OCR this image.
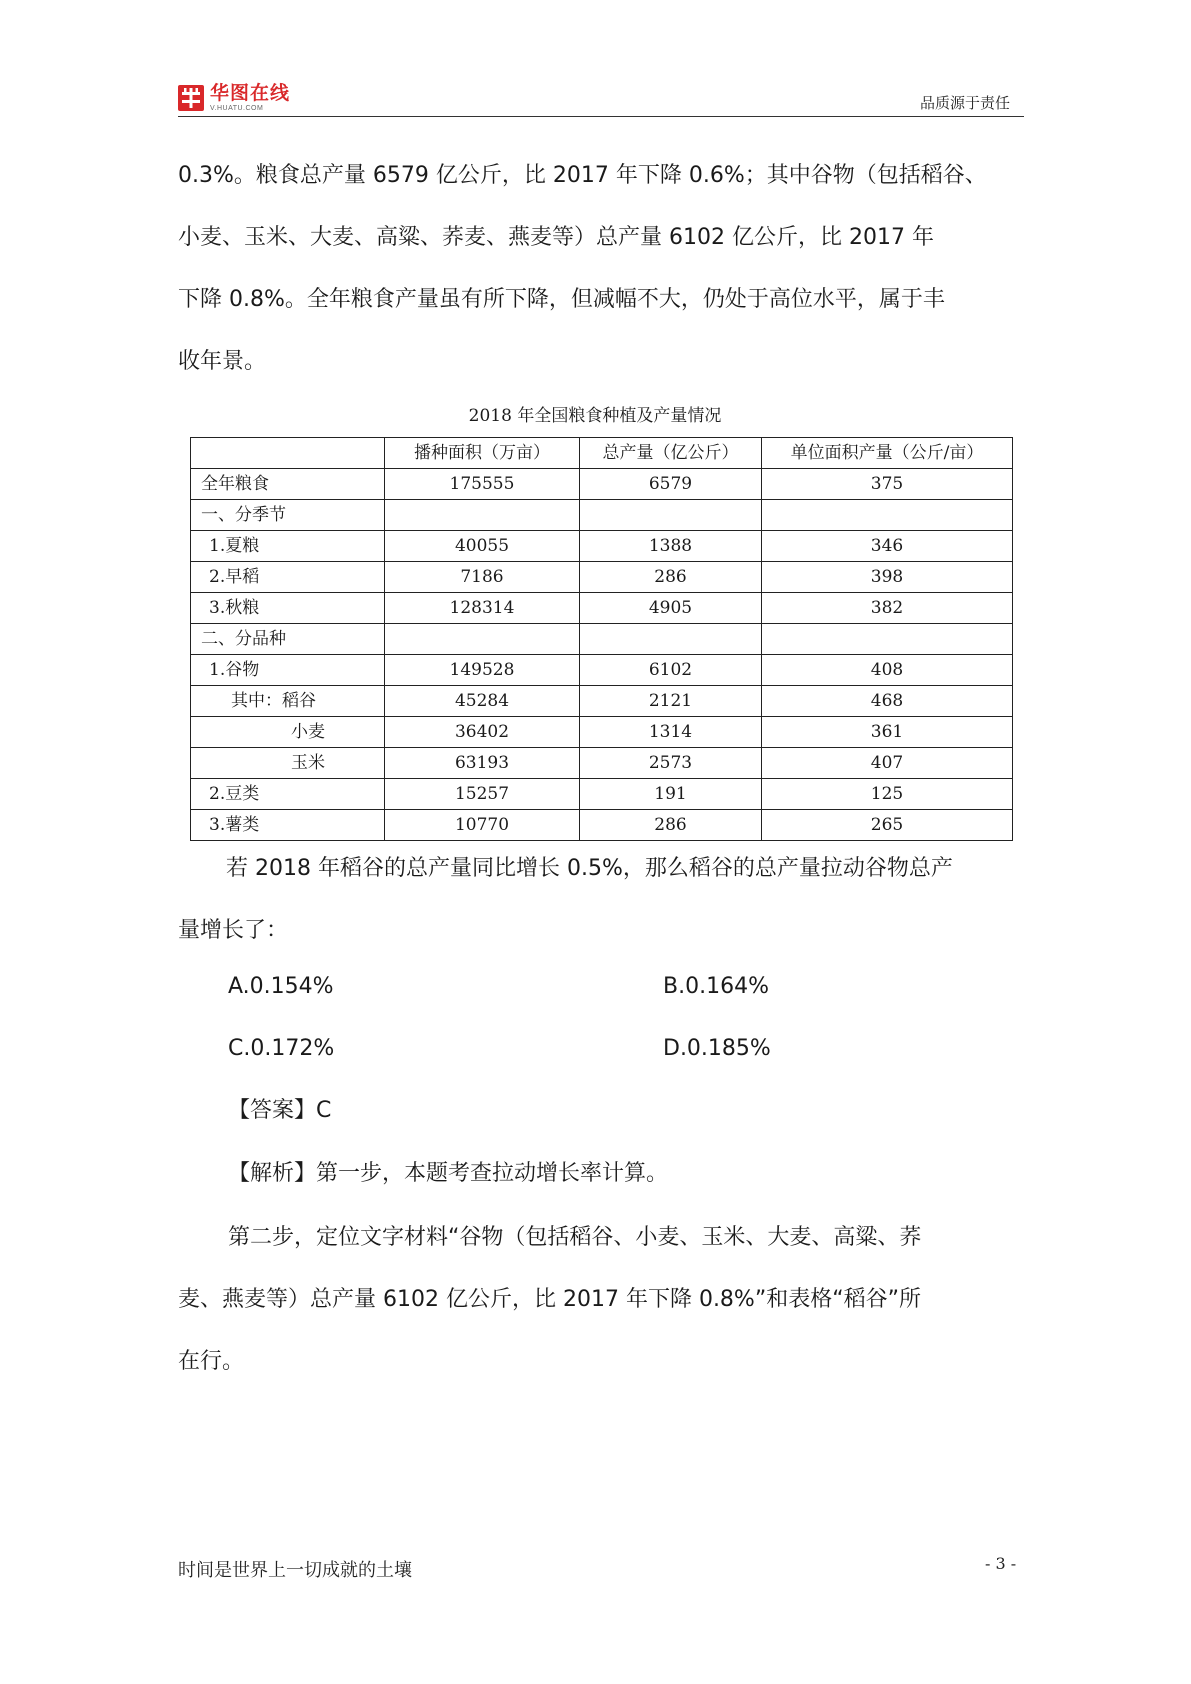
华图在线
V.HUATU.COM	品质源于责任
0.3%。粮食总产量 6579 亿公斤，比 2017 年下降 0.6%；其中谷物（包括稻谷、
小麦、玉米、大麦、高粱、荞麦、燕麦等）总产量 6102 亿公斤，比 2017 年
下降 0.8%。全年粮食产量虽有所下降，但减幅不大，仍处于高位水平，属于丰
收年景。
2018 年全国粮食种植及产量情况
	播种面积（万亩）	总产量（亿公斤）	单位面积产量（公斤/亩）
全年粮食	175555	6579	375
一、分季节			
1.夏粮	40055	1388	346
2.早稻	7186	286	398
3.秋粮	128314	4905	382
二、分品种			
1.谷物	149528	6102	408
其中：稻谷	45284	2121	468
小麦	36402	1314	361
玉米	63193	2573	407
2.豆类	15257	191	125
3.薯类	10770	286	265
若 2018 年稻谷的总产量同比增长 0.5%，那么稻谷的总产量拉动谷物总产
量增长了：
A.0.154%	B.0.164%
C.0.172%	D.0.185%
【答案】C
【解析】第一步，本题考查拉动增长率计算。
第二步，定位文字材料“谷物（包括稻谷、小麦、玉米、大麦、高粱、荞
麦、燕麦等）总产量 6102 亿公斤，比 2017 年下降 0.8%”和表格“稻谷”所
在行。
时间是世界上一切成就的土壤	- 3 -
